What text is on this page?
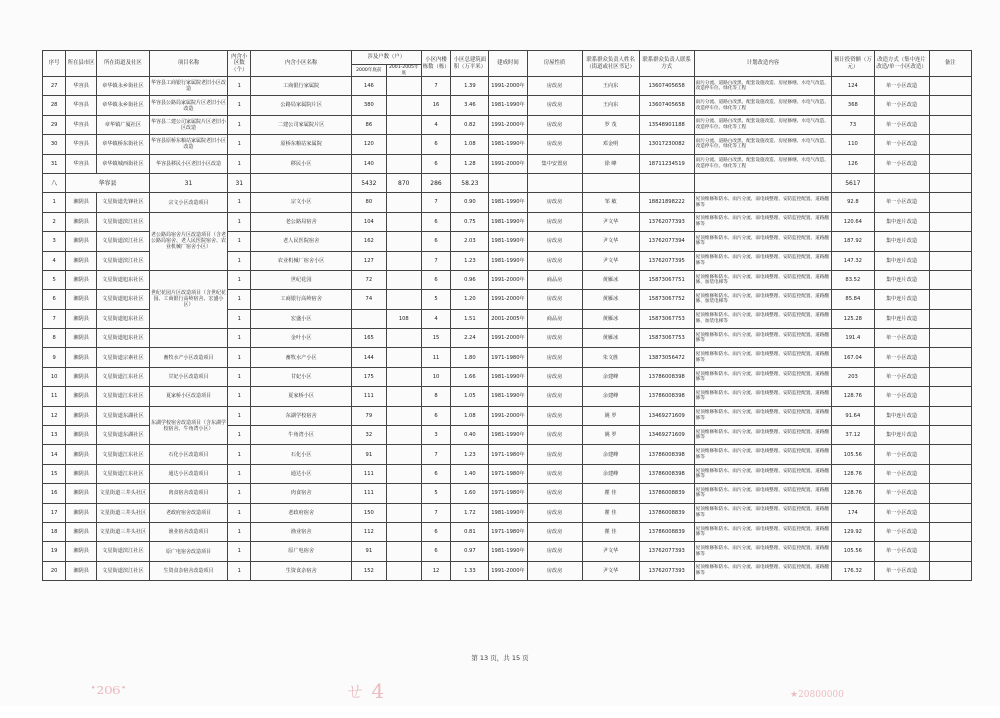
序号	所在县市区	所在街道及社区	项目名称	内含小区数（个）	内含小区名称	涉及户数（户）		小区内楼栋数（栋）	小区总建筑面积（万平米）	建成时间	房屋性质	联系群众负责人姓名（街道或社区书记）	联系群众负责人联系方式	计划改造内容	预计投资额（万元）	改造方式（集中连片改造/单一小区改造）	备注
						2000年底前	2001-2005年底										
27	华容县	章华镇永乡街社区	华容县工商银行家属院老旧小区改造	1	工商银行家属院	146		7	1.39	1991-2000年	房改房	王向东	13607405658	雨污分流、道路白改黑、配套设施改造、房屋修缮、水电气改造、改造停车位、绿化等工程	124	单一小区改造	
28	华容县	章华镇永乡街社区	华容县公路局家属院片区老旧小区改造	1	公路局家属院片区	380		16	3.46	1981-1990年	房改房	王向东	13607405658	雨污分流、道路白改黑、配套设施改造、房屋修缮、水电气改造、改造停车位、绿化等工程	368	单一小区改造	
29	华容县	章华镇广厦社区	华容县二建公司家属院片区老旧小区改造	1	二建公司家属院片区	86		4	0.82	1991-2000年	房改房	罗 茂	13548901188	雨污分流、道路白改黑、配套设施改造、房屋修缮、水电气改造、改造停车位、绿化等工程	73	单一小区改造	
30	华容县	章华镇桥东街社区	华容县原桥东粮站家属院老旧小区改造	1	原桥东粮站家属院	120		6	1.08	1981-1990年	房改房	邓金明	13017230082	雨污分流、道路白改黑、配套设施改造、房屋修缮、水电气改造、改造停车位、绿化等工程	110	单一小区改造	
31	华容县	章华镇城西街社区	华容县移民小区老旧小区改造	1	移民小区	140		6	1.28	1991-2000年	集中安置房	徐 峰	18711234519	雨污分流、道路白改黑、配套设施改造、房屋修缮、水电气改造、改造停车位、绿化等工程	126	单一小区改造	
八	华容县		31	31		5432	870	286	58.23						5617		
1	湘阴县	文星街道先锋社区	宗文小区改造项目	1	宗文小区	80		7	0.90	1981-1990年	房改房	邹 敏	18821898222	屋顶维修和防水、雨污分流、弱电线整理、安防监控配置、道路翻修等	92.8	单一小区改造	
2	湘阴县	文星街道滨江社区	老公路局宿舍片区改造项目（含老公路局宿舍、老人民医院宿舍、农业机械厂宿舍小区）	1	老公路局宿舍	104		6	0.75	1981-1990年	房改房	尹文华	13762077393	屋顶维修和防水、雨污分流、弱电线整理、安防监控配置、道路翻修等	120.64	集中连片改造	
3	湘阴县	文星街道滨江社区		1	老人民医院宿舍	162		6	2.03	1981-1990年	房改房	尹文华	13762077394	屋顶维修和防水、雨污分流、弱电线整理、安防监控配置、道路翻修等	187.92	集中连片改造	
4	湘阴县	文星街道滨江社区		1	农业机械厂宿舍小区	127		7	1.23	1981-1990年	房改房	尹文华	13762077395	屋顶维修和防水、雨污分流、弱电线整理、安防监控配置、道路翻修等	147.32	集中连片改造	
5	湘阴县	文星街道旭东社区	世纪花园片区改造项目（含世纪花园、工商银行高岭宿舍、宏盛小区）	1	世纪花园	72		6	0.96	1991-2000年	商品房	黄雁冰	15873067751	屋顶维修和防水、雨污分流、弱电线整理、安防监控配置、道路翻修、加装电梯等	83.52	集中连片改造	
6	湘阴县	文星街道旭东社区		1	工商银行高岭宿舍	74		5	1.20	1991-2000年	房改房	黄雁冰	15873067752	屋顶维修和防水、雨污分流、弱电线整理、安防监控配置、道路翻修、加装电梯等	85.84	集中连片改造	
7	湘阴县	文星街道旭东社区		1	宏盛小区		108	4	1.51	2001-2005年	商品房	黄雁冰	15873067753	屋顶维修和防水、雨污分流、弱电线整理、安防监控配置、道路翻修、加装电梯等	125.28	集中连片改造	
8	湘阴县	文星街道旭东社区		1	金叶小区	165		15	2.24	1991-2000年	房改房	黄雁冰	15873067753	屋顶维修和防水、雨污分流、弱电线整理、安防监控配置、道路翻修等	191.4	单一小区改造	
9	湘阴县	文星街道宗素社区	畜牧水产小区改造项目	1	畜牧水产小区	144		11	1.80	1971-1980年	房改房	朱文胜	13873056472	屋顶维修和防水、雨污分流、弱电线整理、安防监控配置、道路翻修等	167.04	单一小区改造	
10	湘阴县	文星街道江东社区	甘妃小区改造项目	1	甘妃小区	175		10	1.66	1981-1990年	房改房	余建峰	13786008398	屋顶维修和防水、雨污分流、弱电线整理、安防监控配置、道路翻修等	203	单一小区改造	
11	湘阴县	文星街道江东社区	夏家桥小区改造项目	1	夏家桥小区	111		8	1.05	1981-1990年	房改房	余建峰	13786008398	屋顶维修和防水、雨污分流、弱电线整理、安防监控配置、道路翻修等	128.76	单一小区改造	
12	湘阴县	文星街道东湖社区	东湖学校宿舍改造项目（含东湖学校宿舍、牛角湾小区）	1	东湖学校宿舍	79		6	1.08	1991-2000年	房改房	姚 罗	13469271609	屋顶维修和防水、雨污分流、弱电线整理、安防监控配置、道路翻修等	91.64	集中连片改造	
13	湘阴县	文星街道东湖社区		1	牛角湾小区	32		3	0.40	1981-1990年	房改房	姚 罗	13469271609	屋顶维修和防水、雨污分流、弱电线整理、安防监控配置、道路翻修等	37.12	集中连片改造	
14	湘阴县	文星街道江东社区	石化小区改造项目	1	石化小区	91		7	1.23	1971-1980年	房改房	余建峰	13786008398	屋顶维修和防水、雨污分流、弱电线整理、安防监控配置、道路翻修等	105.56	单一小区改造	
15	湘阴县	文星街道江东社区	通达小区改造项目	1	通达小区	111		6	1.40	1971-1980年	房改房	余建峰	13786008398	屋顶维修和防水、雨污分流、弱电线整理、安防监控配置、道路翻修等	128.76	单一小区改造	
16	湘阴县	文星街道三井头社区	肉食宿舍改造项目	1	肉食宿舍	111		5	1.60	1971-1980年	房改房	瞿 佳	13786008839	屋顶维修和防水、雨污分流、弱电线整理、安防监控配置、道路翻修等	128.76	单一小区改造	
17	湘阴县	文星街道三井头社区	老政府宿舍改造项目	1	老政府宿舍	150		7	1.72	1981-1990年	房改房	瞿 佳	13786008839	屋顶维修和防水、雨污分流、弱电线整理、安防监控配置、道路翻修等	174	单一小区改造	
18	湘阴县	文星街道三井头社区	渔业宿舍改造项目	1	渔业宿舍	112		6	0.81	1971-1980年	房改房	瞿 佳	13786008839	屋顶维修和防水、雨污分流、弱电线整理、安防监控配置、道路翻修等	129.92	单一小区改造	
19	湘阴县	文星街道滨江社区	原广电宿舍改造项目	1	原广电宿舍	91		6	0.97	1981-1990年	房改房	尹文华	13762077393	屋顶维修和防水、雨污分流、弱电线整理、安防监控配置、道路翻修等	105.56	单一小区改造	
20	湘阴县	文星街道滨江社区	生资食杂宿舍改造项目	1	生资食杂宿舍	152		12	1.33	1991-2000年	房改房	尹文华	13762077393	屋顶维修和防水、雨污分流、弱电线整理、安防监控配置、道路翻修等	176.32	单一小区改造	
第 13 页，共 15 页
·₂₀₆·	ㄝ 4	★20800000
